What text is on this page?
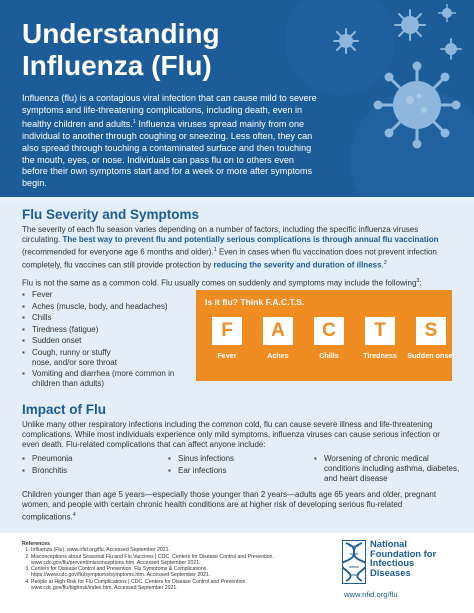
Understanding
Influenza (Flu)

Influenza (flu) is a contagious viral infection that can cause mild to severe symptoms and life-threatening complications, including death, even in healthy children and adults.$^1$ Influenza viruses spread mainly from one individual to another through coughing or sneezing. Less often, they can also spread through touching a contaminated surface and then touching the mouth, eyes, or nose. Individuals can pass flu on to others even before their own symptoms start and for a week or more after symptoms begin.

Flu Severity and Symptoms

The severity of each flu season varies depending on a number of factors, including the specific influenza viruses circulating. The best way to prevent flu and potentially serious complications is through annual flu vaccination (recommended for everyone age 6 months and older).$^1$ Even in cases when flu vaccination does not prevent infection completely, flu vaccines can still provide protection by reducing the severity and duration of illness.$^2$

Flu is not the same as a common cold. Flu usually comes on suddenly and symptoms may include the following$^3$:

▪ Fever
▪ Aches (muscle, body, and headaches)
▪ Chills
▪ Tiredness (fatigue)
▪ Sudden onset
▪ Cough, runny or stuffy nose, and/or sore throat
▪ Vomiting and diarrhea (more common in children than adults)
Is it flu? Think F.A.C.T.S.
F	A	C	T	S
Fever	Aches	Chills	Tiredness	Sudden onset
Impact of Flu

Unlike many other respiratory infections including the common cold, flu can cause severe illness and life-threatening complications. While most individuals experience only mild symptoms, influenza viruses can cause serious infection or even death. Flu-related complications that can affect anyone include:

▪ Pneumonia
▪ Bronchitis
▪ Sinus infections
▪ Ear infections
▪ Worsening of chronic medical conditions including asthma, diabetes, and heart disease

Children younger than age 5 years—especially those younger than 2 years—adults age 65 years and older, pregnant women, and people with certain chronic health conditions are at higher risk of developing serious flu-related complications.$^4$

References
1. Influenza (Flu). www.nfid.org/flu. Accessed September 2021.
2. Misconceptions about Seasonal Flu and Flu Vaccines | CDC. Centers for Disease Control and Prevention. www.cdc.gov/flu/prevent/misconceptions.htm. Accessed September 2021.
3. Centers for Disease Control and Prevention. Flu Symptoms & Complications. https://www.cdc.gov/flu/symptoms/symptoms.htm. Accessed September 2021.
4. People at High Risk for Flu Complications | CDC. Centers for Disease Control and Prevention. www.cdc.gov/flu/highrisk/index.htm. Accessed September 2021.
National
Foundation for
Infectious
Diseases
www.nfid.org/flu
